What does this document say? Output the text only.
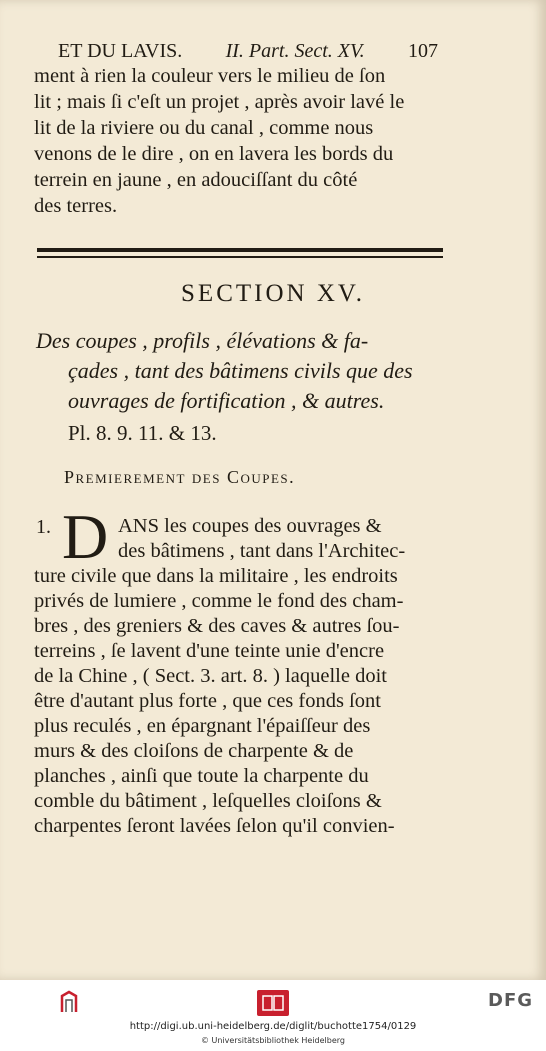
ET DU LAVIS. II. Part. Sect. XV. 107
ment à rien la couleur vers le milieu de ſon
lit ; mais ſi c'eſt un projet , après avoir lavé le
lit de la riviere ou du canal , comme nous
venons de le dire , on en lavera les bords du
terrein en jaune , en adouciſſant du côté
des terres.
SECTION XV.
Des coupes , profils , élévations & fa-
çades , tant des bâtimens civils que des
ouvrages de fortification , & autres.
Pl. 8. 9. 11. & 13.
Premierement des Coupes.
1. D ANS les coupes des ouvrages &
des bâtimens , tant dans l'Architec-
ture civile que dans la militaire , les endroits
privés de lumiere , comme le fond des cham-
bres , des greniers & des caves & autres ſou-
terreins , ſe lavent d'une teinte unie d'encre
de la Chine , ( Sect. 3. art. 8. ) laquelle doit
être d'autant plus forte , que ces fonds ſont
plus reculés , en épargnant l'épaiſſeur des
murs & des cloiſons de charpente & de
planches , ainſi que toute la charpente du
comble du bâtiment , leſquelles cloiſons &
charpentes ſeront lavées ſelon qu'il convien-
DFG
http://digi.ub.uni-heidelberg.de/diglit/buchotte1754/0129
© Universitätsbibliothek Heidelberg
